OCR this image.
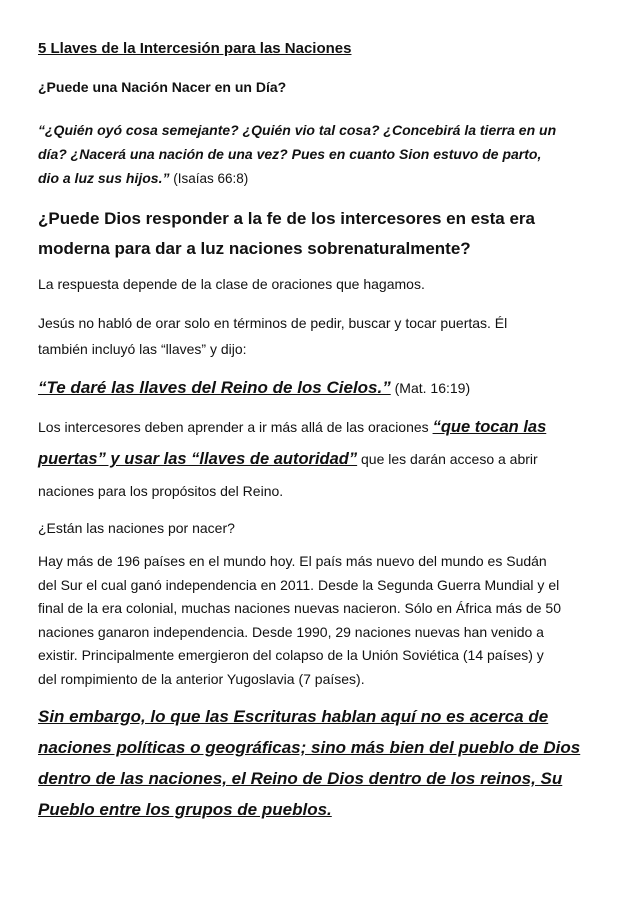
5 Llaves de la Intercesión para las Naciones
¿Puede una Nación Nacer en un Día?
“¿Quién oyó cosa semejante? ¿Quién vio tal cosa? ¿Concebirá la tierra en un
día? ¿Nacerá una nación de una vez? Pues en cuanto Sion estuvo de parto,
dio a luz sus hijos.” (Isaías 66:8)
¿Puede Dios responder a la fe de los intercesores en esta era
moderna para dar a luz naciones sobrenaturalmente?
La respuesta depende de la clase de oraciones que hagamos.
Jesús no habló de orar solo en términos de pedir, buscar y tocar puertas. Él
también incluyó las “llaves” y dijo:
“Te daré las llaves del Reino de los Cielos.” (Mat. 16:19)
Los intercesores deben aprender a ir más allá de las oraciones “que tocan las
puertas” y usar las “llaves de autoridad” que les darán acceso a abrir
naciones para los propósitos del Reino.
¿Están las naciones por nacer?
Hay más de 196 países en el mundo hoy. El país más nuevo del mundo es Sudán
del Sur el cual ganó independencia en 2011. Desde la Segunda Guerra Mundial y el
final de la era colonial, muchas naciones nuevas nacieron. Sólo en África más de 50
naciones ganaron independencia. Desde 1990, 29 naciones nuevas han venido a
existir. Principalmente emergieron del colapso de la Unión Soviética (14 países) y
del rompimiento de la anterior Yugoslavia (7 países).
Sin embargo, lo que las Escrituras hablan aquí no es acerca de
naciones políticas o geográficas; sino más bien del pueblo de Dios
dentro de las naciones, el Reino de Dios dentro de los reinos, Su
Pueblo entre los grupos de pueblos.
